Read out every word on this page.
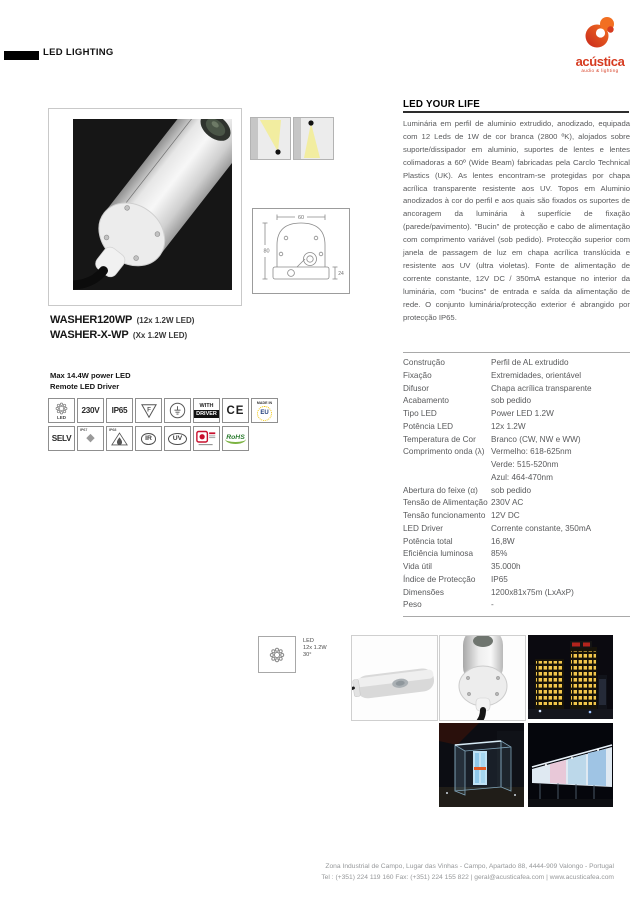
LED LIGHTING
acústica
audio & lighting
60
80
24
LED YOUR LIFE
Luminária em perfil de aluminio extrudido, anodizado, equipada com 12 Leds de 1W de cor branca (2800 ºK), alojados sobre suporte/dissipador em aluminio, suportes de lentes e lentes colimadoras a 60º (Wide Beam) fabricadas pela Carclo Technical Plastics (UK). As lentes encontram-se protegidas por chapa acrílica transparente resistente aos UV. Topos em Aluminio anodizados à cor do perfil e aos quais são fixados os suportes de ancoragem da luminária à superfície de fixação (parede/pavimento). "Bucin" de protecção e cabo de alimentação com comprimento variável (sob pedido). Protecção superior com janela de passagem de luz em chapa acrílica translúcida e resistente aos UV (ultra violetas). Fonte de alimentação de corrente constante, 12V DC / 350mA estanque no interior da luminária, com "bucins" de entrada e saída da alimentação de rede. O conjunto luminária/protecção exterior é abrangido por protecção IP65.
WASHER120WP (12x 1.2W LED)
WASHER-X-WP (Xx 1.2W LED)
Max 14.4W power LED
Remote LED Driver
LED
230V IP65	F	WITH
DRIVER CE
MADE IN
EU
SELV
IP67
◆
IP68
IR	UV	RoHS
Construção	Perfil de AL extrudido
Fixação	Extremidades, orientável
Difusor	Chapa acrílica transparente
Acabamento	sob pedido
Tipo LED	Power LED 1.2W
Potência LED	12x 1.2W
Temperatura de Cor	Branco (CW, NW e WW)
Comprimento onda (λ) Vermelho: 618-625nm
Verde: 515-520nm
Azul: 464-470nm
Abertura do feixe (α)	sob pedido
Tensão de Alimentação 230V AC
Tensão funcionamento 12V DC
LED Driver	Corrente constante, 350mA
Potência total	16,8W
Eficiência luminosa	85%
Vida útil	35.000h
Índice de Protecção	IP65
Dimensões	1200x81x75m (LxAxP)
Peso	-
LED
12x 1.2W
30°
Zona Industrial de Campo, Lugar das Vinhas - Campo, Apartado 88, 4444-909 Valongo - Portugal
Tel : (+351) 224 119 160 Fax: (+351) 224 155 822 | geral@acusticafea.com | www.acusticafea.com
